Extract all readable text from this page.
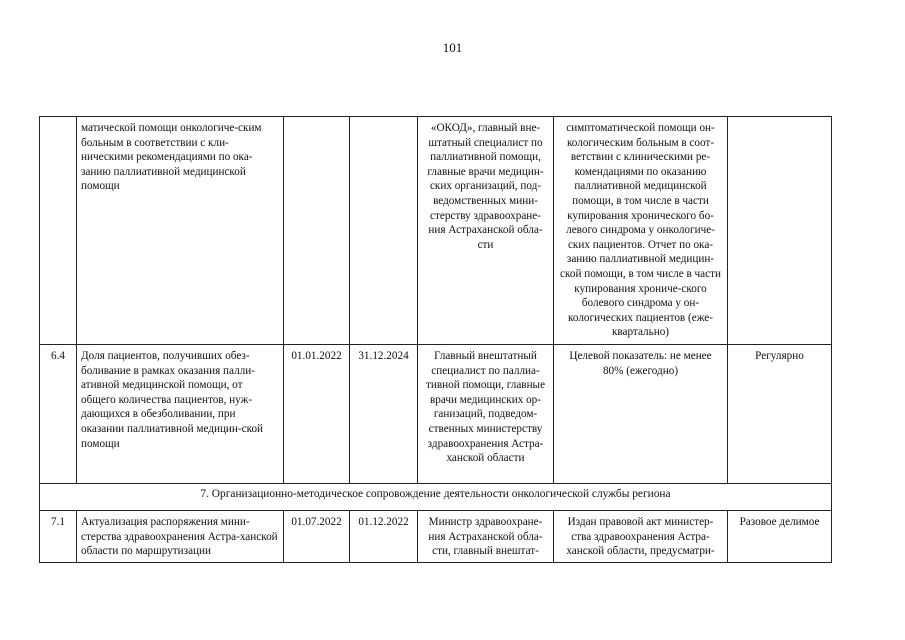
101
	матической помощи онкологиче-ским больным в соответствии с кли-ническими рекомендациями по ока-занию паллиативной медицинской помощи			«ОКОД», главный вне-штатный специалист по паллиативной помощи, главные врачи медицин-ских организаций, под-ведомственных мини-стерству здравоохране-ния Астраханской обла-сти	симптоматической помощи он-кологическим больным в соот-ветствии с клиническими ре-комендациями по оказанию паллиативной медицинской помощи, в том числе в части купирования хронического бо-левого синдрома у онкологиче-ских пациентов. Отчет по ока-занию паллиативной медицин-ской помощи, в том числе в части купирования хрониче-ского болевого синдрома у он-кологических пациентов (еже-квартально)	
6.4	Доля пациентов, получивших обез-боливание в рамках оказания палли-ативной медицинской помощи, от общего количества пациентов, нуж-дающихся в обезболивании, при оказании паллиативной медицин-ской помощи	01.01.2022	31.12.2024	Главный внештатный специалист по паллиа-тивной помощи, главные врачи медицинских ор-ганизаций, подведом-ственных министерству здравоохранения Астра-ханской области	Целевой показатель: не менее 80% (ежегодно)	Регулярно
7. Организационно-методическое сопровождение деятельности онкологической службы региона						
7.1	Актуализация распоряжения мини-стерства здравоохранения Астра-ханской области по маршрутизации	01.07.2022	01.12.2022	Министр здравоохране-ния Астраханской обла-сти, главный внештат-	Издан правовой акт министер-ства здравоохранения Астра-ханской области, предусматри-	Разовое делимое
